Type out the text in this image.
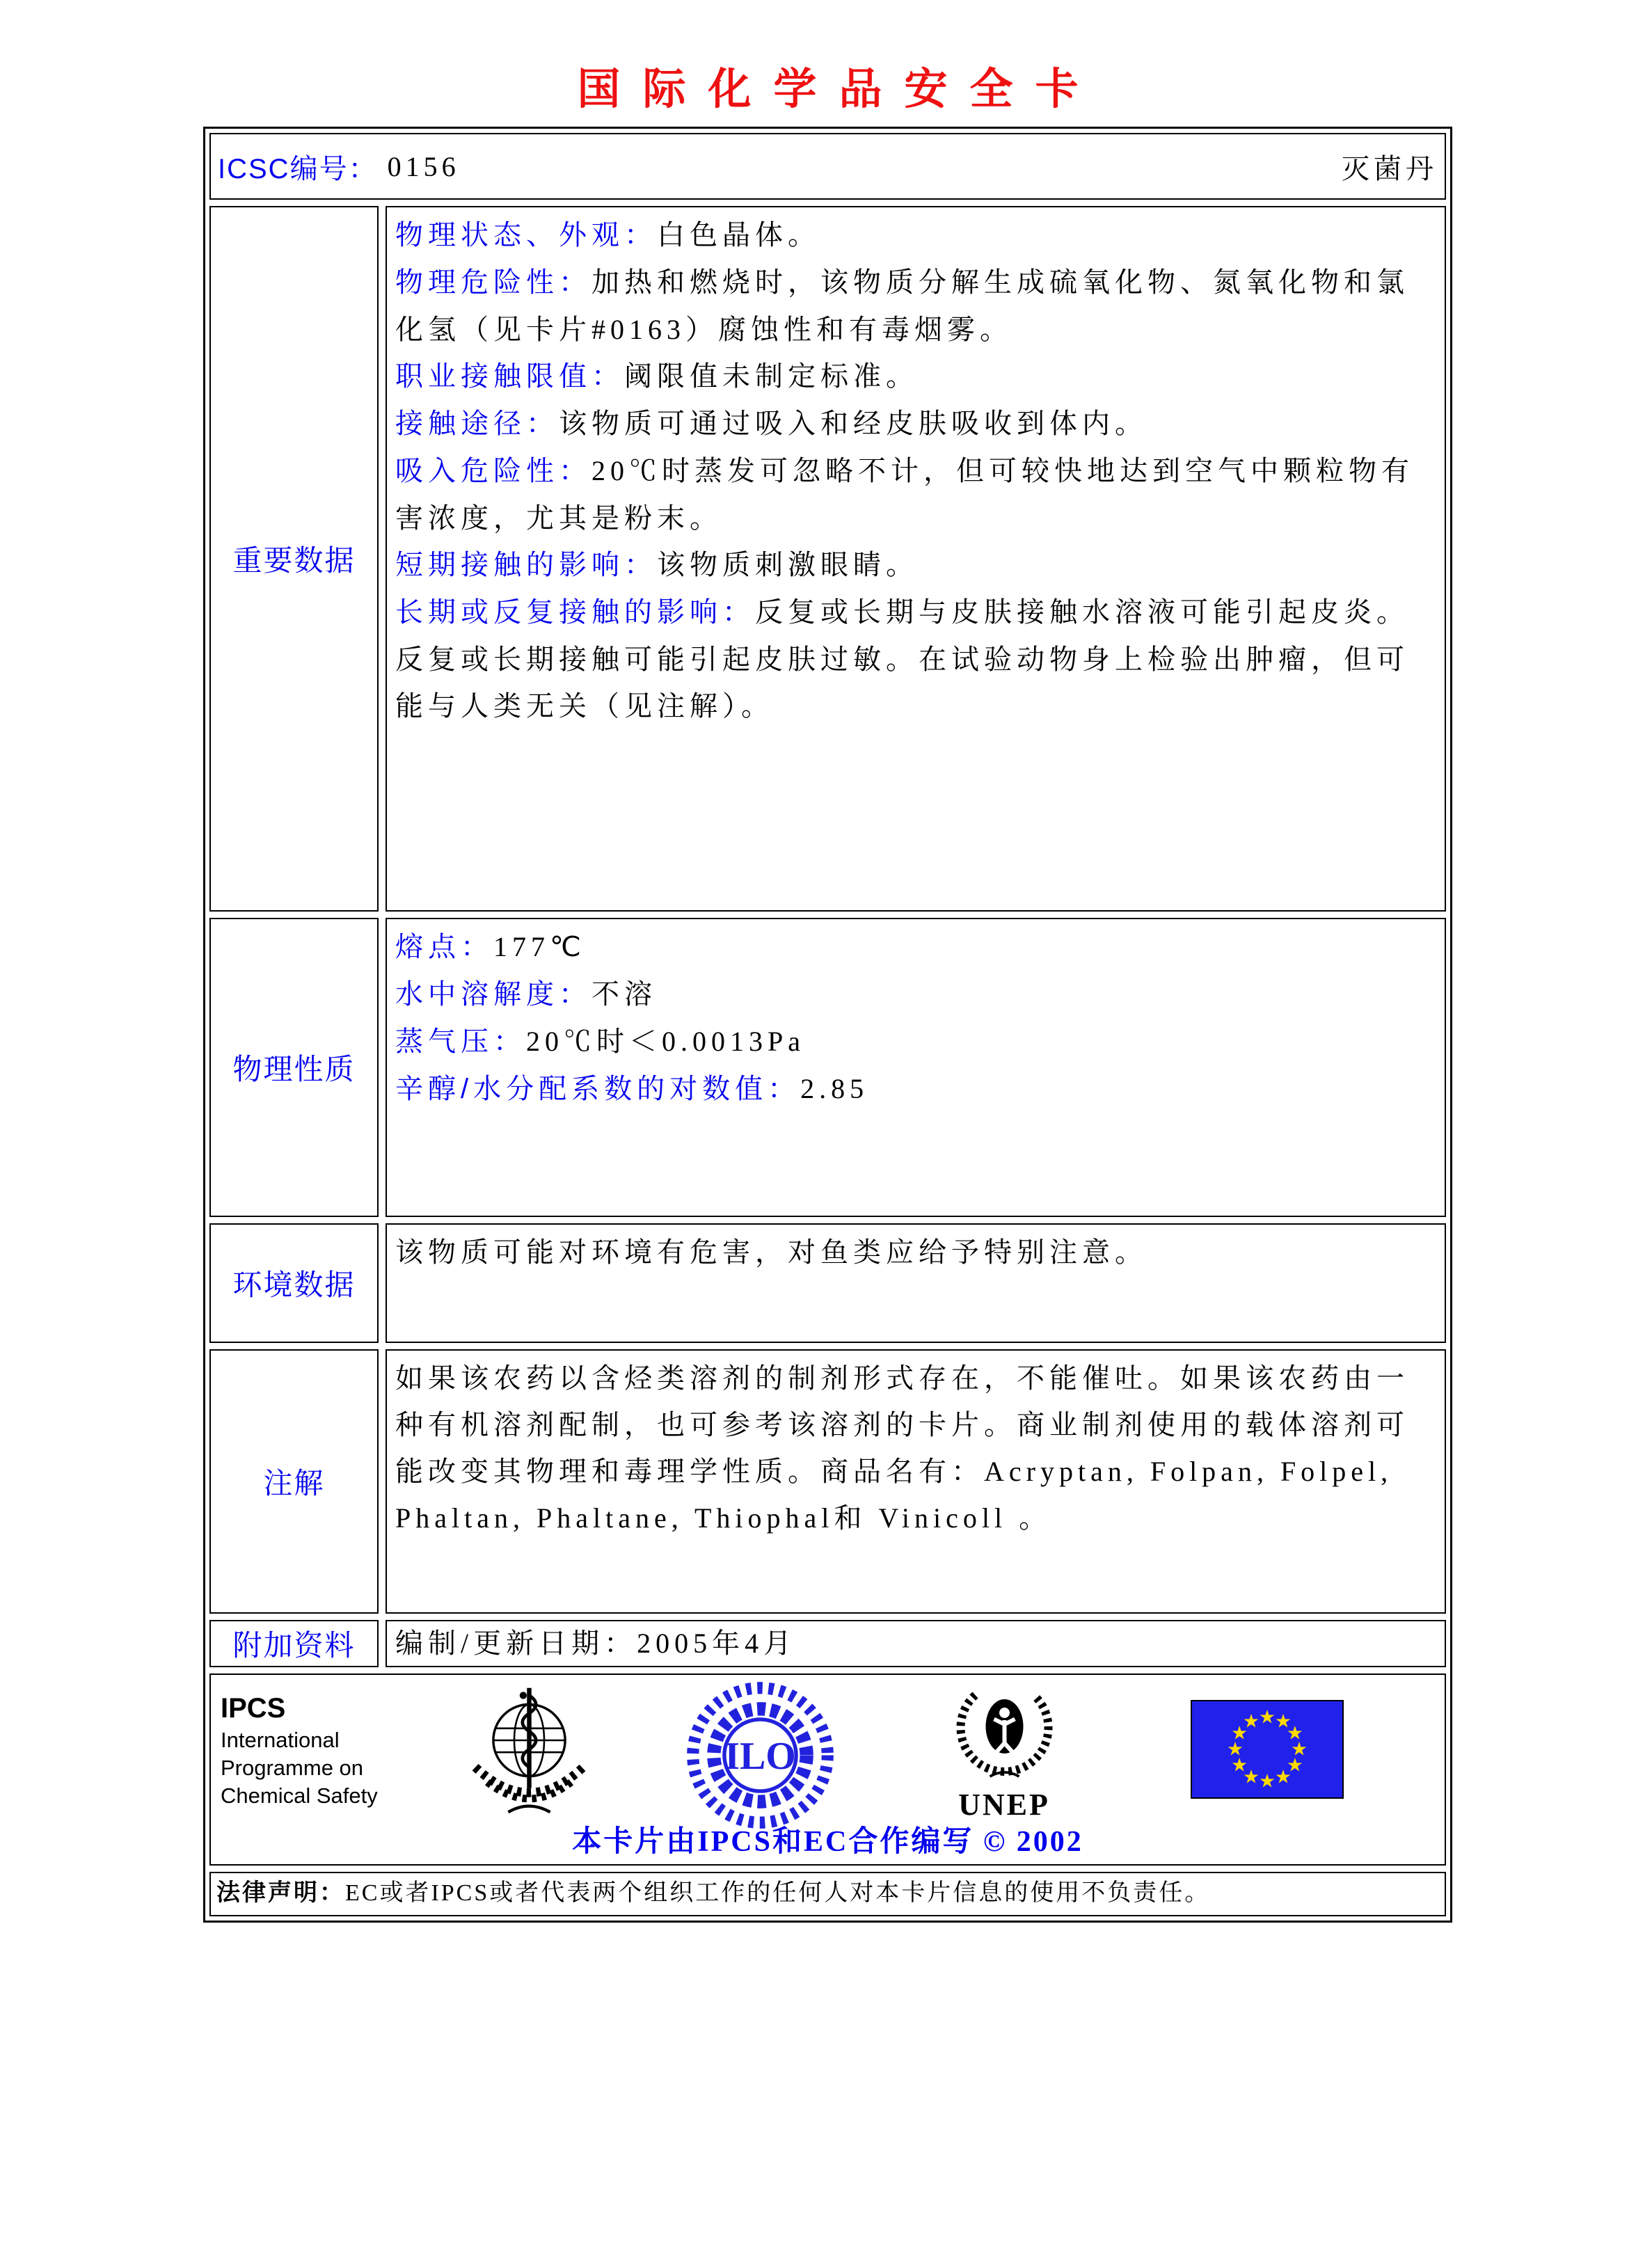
国际化学品安全卡
ICSC编号： 0156	灭菌丹
重要数据
物理状态、外观：白色晶体。
物理危险性：加热和燃烧时，该物质分解生成硫氧化物、氮氧化物和氯化氢（见卡片#0163）腐蚀性和有毒烟雾。
职业接触限值：阈限值未制定标准。
接触途径：该物质可通过吸入和经皮肤吸收到体内。
吸入危险性：20℃时蒸发可忽略不计，但可较快地达到空气中颗粒物有害浓度，尤其是粉末。
短期接触的影响：该物质刺激眼睛。
长期或反复接触的影响：反复或长期与皮肤接触水溶液可能引起皮炎。反复或长期接触可能引起皮肤过敏。在试验动物身上检验出肿瘤，但可能与人类无关（见注解）。
物理性质
熔点：177℃
水中溶解度：不溶
蒸气压：20℃时＜0.0013Pa
辛醇/水分配系数的对数值：2.85
环境数据
该物质可能对环境有危害，对鱼类应给予特别注意。
注解
如果该农药以含烃类溶剂的制剂形式存在，不能催吐。如果该农药由一种有机溶剂配制，也可参考该溶剂的卡片。商业制剂使用的载体溶剂可能改变其物理和毒理学性质。商品名有：Acryptan, Folpan, Folpel, Phaltan, Phaltane, Thiophal和 Vinicoll 。
附加资料	编制/更新日期：2005年4月
IPCS
International
Programme on
Chemical Safety
ILO
UNEP
★
★
★
★
★
★
★
★
★
★
★
★
本卡片由IPCS和EC合作编写 © 2002
法律声明：EC或者IPCS或者代表两个组织工作的任何人对本卡片信息的使用不负责任。
